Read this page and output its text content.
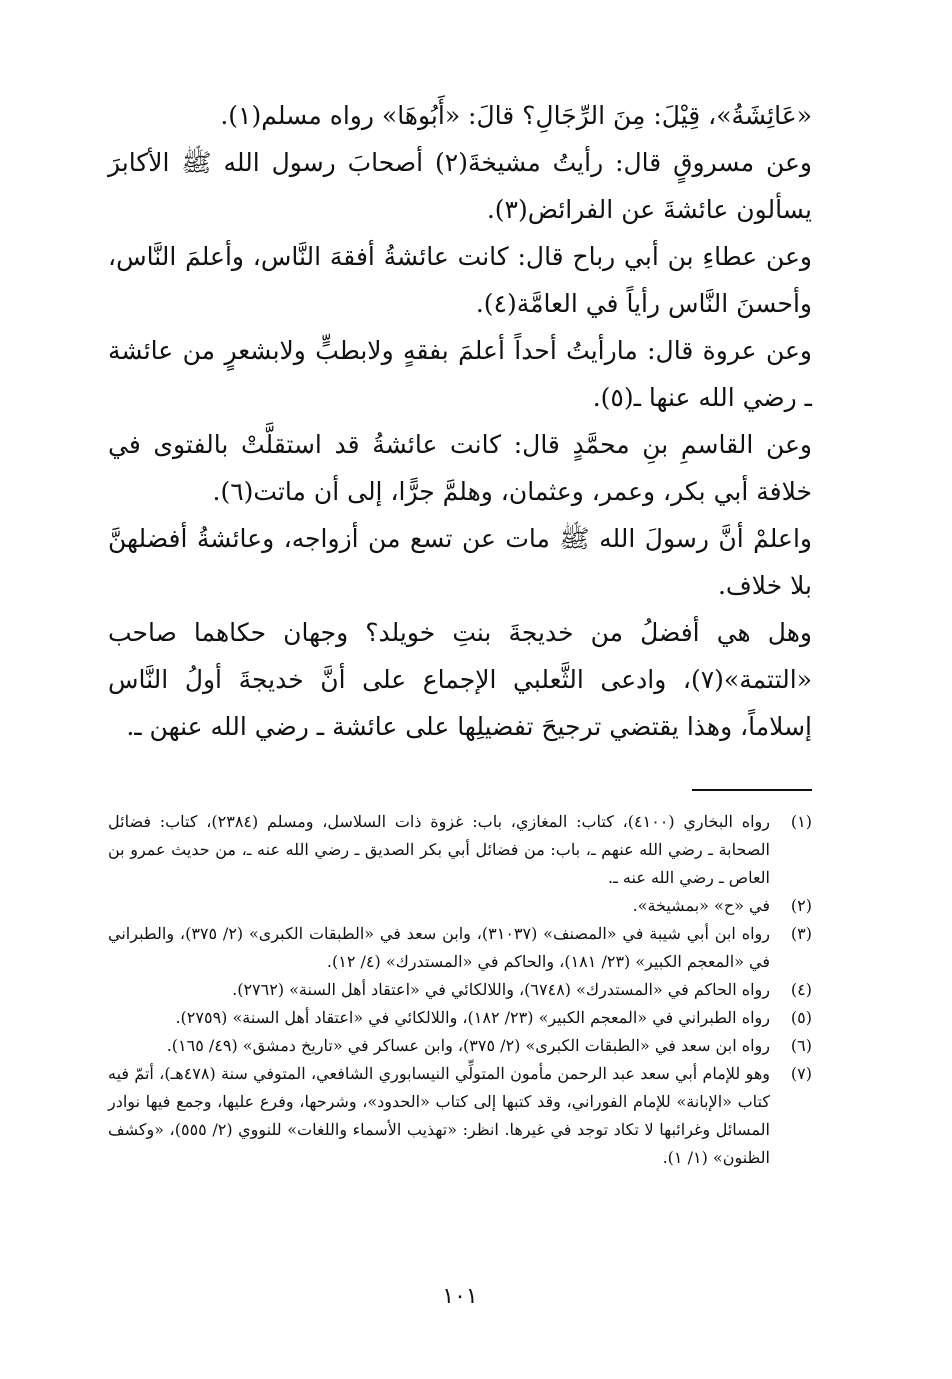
«عَائِشَةُ»، قِيْلَ: مِنَ الرِّجَالِ؟ قالَ: «أَبُوهَا» رواه مسلم(١).

وعن مسروقٍ قال: رأيتُ مشيخةَ(٢) أصحابَ رسول الله ﷺ الأكابرَ يسألون عائشةَ عن الفرائض(٣).

وعن عطاءِ بن أبي رباح قال: كانت عائشةُ أفقهَ النَّاس، وأعلمَ النَّاس، وأحسنَ النَّاس رأياً في العامَّة(٤).

وعن عروة قال: مارأيتُ أحداً أعلمَ بفقهٍ ولابطبٍّ ولابشعرٍ من عائشة ـ رضي الله عنها ـ(٥).

وعن القاسمِ بنِ محمَّدٍ قال: كانت عائشةُ قد استقلَّتْ بالفتوى في خلافة أبي بكر، وعمر، وعثمان، وهلمَّ جرًّا، إلى أن ماتت(٦).

واعلمْ أنَّ رسولَ الله ﷺ مات عن تسع من أزواجه، وعائشةُ أفضلهنَّ بلا خلاف.

وهل هي أفضلُ من خديجةَ بنتِ خويلد؟ وجهان حكاهما صاحب «التتمة»(٧)، وادعى الثَّعلبي الإجماع على أنَّ خديجةَ أولُ النَّاس إسلاماً، وهذا يقتضي ترجيحَ تفضيلِها على عائشة ـ رضي الله عنهن ـ.

(١)
رواه البخاري (٤١٠٠)، كتاب: المغازي، باب: غزوة ذات السلاسل، ومسلم (٢٣٨٤)، كتاب: فضائل الصحابة ـ رضي الله عنهم ـ، باب: من فضائل أبي بكر الصديق ـ رضي الله عنه ـ، من حديث عمرو بن العاص ـ رضي الله عنه ـ.
(٢)
في «ح» «بمشيخة».
(٣)
رواه ابن أبي شيبة في «المصنف» (٣١٠٣٧)، وابن سعد في «الطبقات الكبرى» (٢/ ٣٧٥)، والطبراني في «المعجم الكبير» (٢٣/ ١٨١)، والحاكم في «المستدرك» (٤/ ١٢).
(٤)
رواه الحاكم في «المستدرك» (٦٧٤٨)، واللالكائي في «اعتقاد أهل السنة» (٢٧٦٢).
(٥)
رواه الطبراني في «المعجم الكبير» (٢٣/ ١٨٢)، واللالكائي في «اعتقاد أهل السنة» (٢٧٥٩).
(٦)
رواه ابن سعد في «الطبقات الكبرى» (٢/ ٣٧٥)، وابن عساكر في «تاريخ دمشق» (٤٩/ ١٦٥).
(٧)
وهو للإمام أبي سعد عبد الرحمن مأمون المتولِّي النيسابوري الشافعي، المتوفي سنة (٤٧٨هـ)، أتمّ فيه كتاب «الإبانة» للإمام الفوراني، وقد كتبها إلى كتاب «الحدود»، وشرحها، وفرع عليها، وجمع فيها نوادر المسائل وغرائبها لا تكاد توجد في غيرها. انظر: «تهذيب الأسماء واللغات» للنووي (٢/ ٥٥٥)، «وكشف الظنون» (١/ ١).
١٠١
